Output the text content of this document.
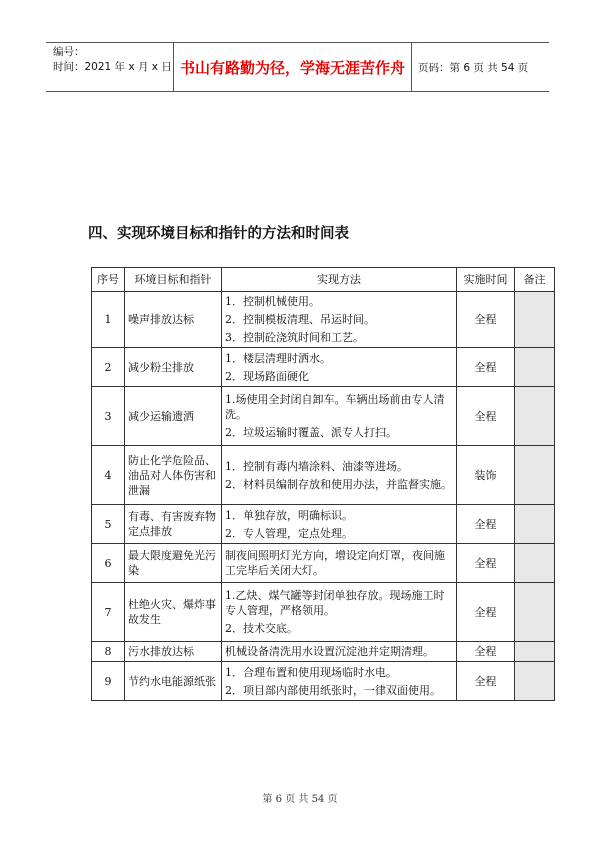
编号：
时间：2021 年 x 月 x 日 书山有路勤为径，学海无涯苦作舟	页码：第 6 页 共 54 页
四、实现环境目标和指针的方法和时间表
序号	环境目标和指针	实现方法	实施时间	备注
1	噪声排放达标	1．控制机械使用。
2．控制模板清理、吊运时间。
3．控制砼浇筑时间和工艺。	全程	
2	减少粉尘排放	1．楼层清理时洒水。
2．现场路面硬化	全程	
3	减少运输遗洒	1.场使用全封闭自卸车。车辆出场前由专人清洗。
2．垃圾运输时覆盖、派专人打扫。	全程	
4	防止化学危险品、油品对人体伤害和泄漏	1．控制有毒内墙涂料、油漆等进场。
2．材料员编制存放和使用办法，并监督实施。	装饰	
5	有毒、有害废弃物定点排放	1．单独存放，明确标识。
2．专人管理，定点处理。	全程	
6	最大限度避免光污染	制夜间照明灯光方向，增设定向灯罩，夜间施工完毕后关闭大灯。	全程	
7	杜绝火灾、爆炸事故发生	1.乙炔、煤气罐等封闭单独存放。现场施工时专人管理，严格领用。
2．技术交底。	全程	
8	污水排放达标	机械设备清洗用水设置沉淀池并定期清理。	全程	
9	节约水电能源纸张	1．合理布置和使用现场临时水电。
2．项目部内部使用纸张时，一律双面使用。	全程	
第 6 页 共 54 页
